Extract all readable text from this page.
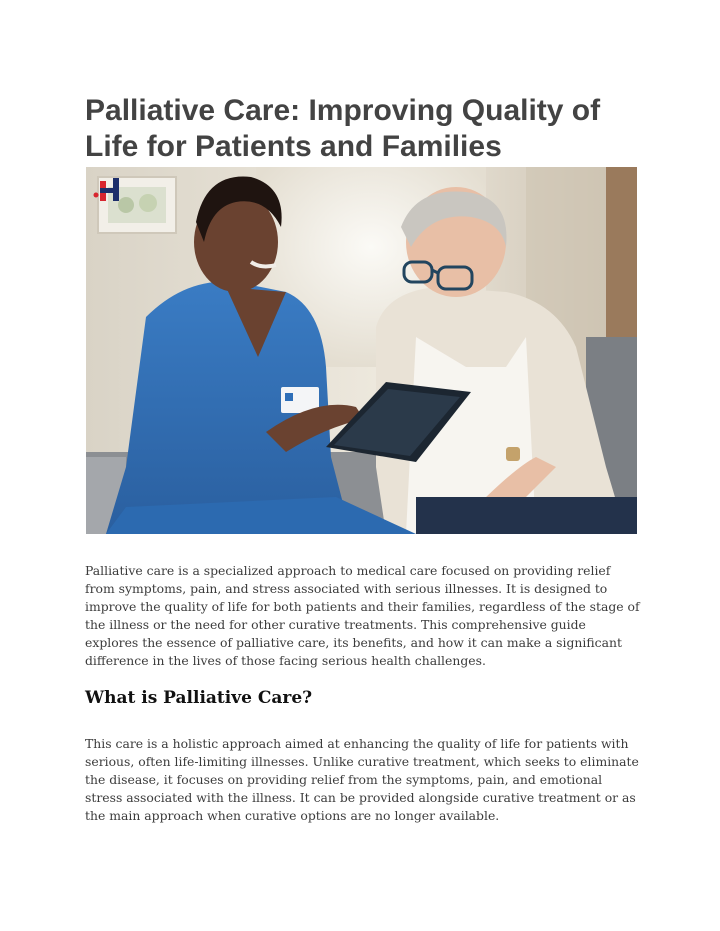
Palliative Care: Improving Quality of Life for Patients and Families

Palliative care is a specialized approach to medical care focused on providing relief from symptoms, pain, and stress associated with serious illnesses. It is designed to improve the quality of life for both patients and their families, regardless of the stage of the illness or the need for other curative treatments. This comprehensive guide explores the essence of palliative care, its benefits, and how it can make a significant difference in the lives of those facing serious health challenges.

What is Palliative Care?

This care is a holistic approach aimed at enhancing the quality of life for patients with serious, often life-limiting illnesses. Unlike curative treatment, which seeks to eliminate the disease, it focuses on providing relief from the symptoms, pain, and emotional stress associated with the illness. It can be provided alongside curative treatment or as the main approach when curative options are no longer available.
